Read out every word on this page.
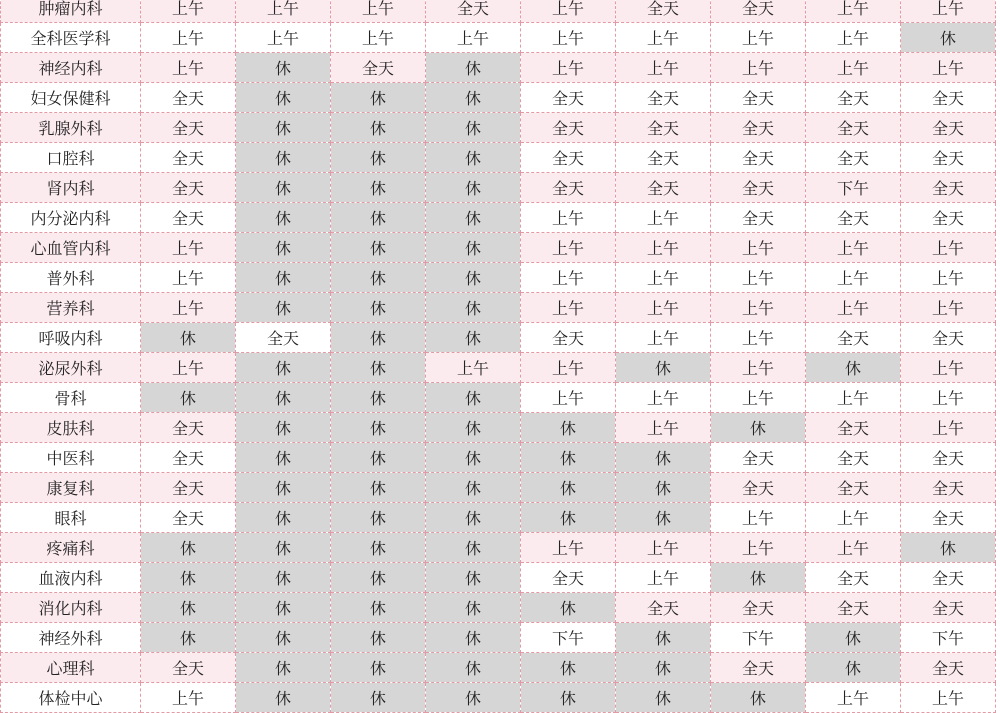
肿瘤内科	上午	上午	上午	全天	上午	全天	全天	上午	上午
全科医学科	上午	上午	上午	上午	上午	上午	上午	上午	休
神经内科	上午	休	全天	休	上午	上午	上午	上午	上午
妇女保健科	全天	休	休	休	全天	全天	全天	全天	全天
乳腺外科	全天	休	休	休	全天	全天	全天	全天	全天
口腔科	全天	休	休	休	全天	全天	全天	全天	全天
肾内科	全天	休	休	休	全天	全天	全天	下午	全天
内分泌内科	全天	休	休	休	上午	上午	全天	全天	全天
心血管内科	上午	休	休	休	上午	上午	上午	上午	上午
普外科	上午	休	休	休	上午	上午	上午	上午	上午
营养科	上午	休	休	休	上午	上午	上午	上午	上午
呼吸内科	休	全天	休	休	全天	上午	上午	全天	全天
泌尿外科	上午	休	休	上午	上午	休	上午	休	上午
骨科	休	休	休	休	上午	上午	上午	上午	上午
皮肤科	全天	休	休	休	休	上午	休	全天	上午
中医科	全天	休	休	休	休	休	全天	全天	全天
康复科	全天	休	休	休	休	休	全天	全天	全天
眼科	全天	休	休	休	休	休	上午	上午	全天
疼痛科	休	休	休	休	上午	上午	上午	上午	休
血液内科	休	休	休	休	全天	上午	休	全天	全天
消化内科	休	休	休	休	休	全天	全天	全天	全天
神经外科	休	休	休	休	下午	休	下午	休	下午
心理科	全天	休	休	休	休	休	全天	休	全天
体检中心	上午	休	休	休	休	休	休	上午	上午
